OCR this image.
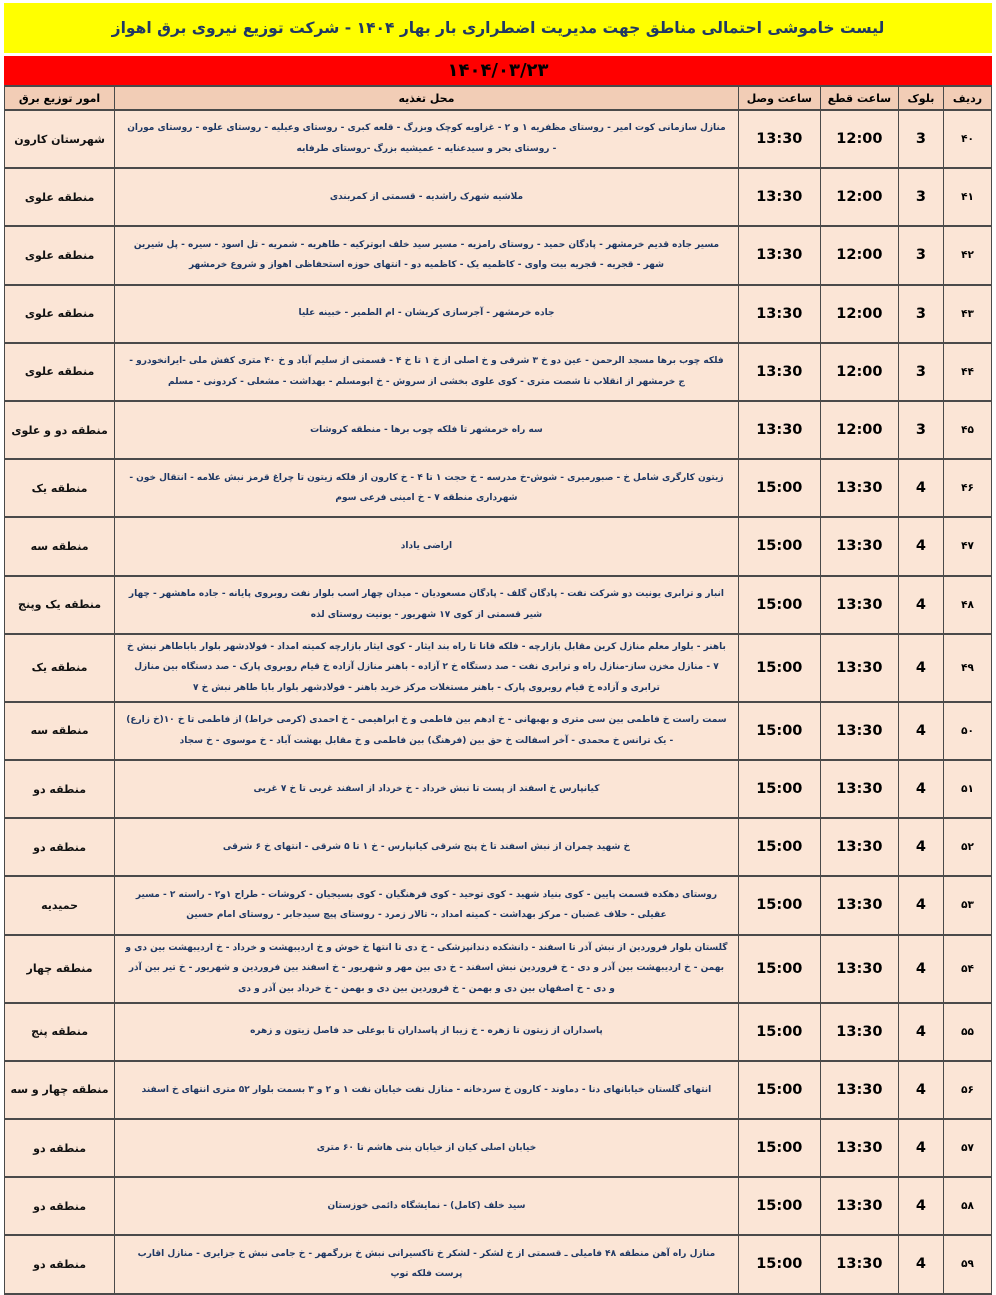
لیست خاموشی احتمالی مناطق جهت مدیریت اضطراری بار بهار ۱۴۰۴ - شرکت توزیع نیروی برق اهواز
۱۴۰۴/۰۳/۲۳
ردیف	بلوک	ساعت قطع	ساعت وصل	محل تغذیه	امور توزیع برق
۴۰	3	12:00	13:30	منازل سازمانی کوت امیر - روستای مظفریه ۱ و ۲ - غزاویه کوچک وبزرگ - قلعه کبری - روستای وعیلیه - روستای علوه - روستای موران - روستای بحر و سیدعنایه - عمیشیه بزرگ -روستای طرفایه	شهرستان کارون
۴۱	3	12:00	13:30	ملاشیه شهرک راشدیه - قسمتی از کمربندی	منطقه علوی
۴۲	3	12:00	13:30	مسیر جاده قدیم خرمشهر - پادگان حمید - روستای رامزیه - مسیر سید خلف ابوترکیه - طاهریه - شمریه - تل اسود - سیره - پل شیرین شهر - قجریه - قجریه بیت واوی - کاظمیه یک - کاظمیه دو - انتهای حوزه استحفاظی اهواز و شروع خرمشهر	منطقه علوی
۴۳	3	12:00	13:30	جاده خرمشهر - آجرسازی کریشان - ام الطمیر - خبینه علیا	منطقه علوی
۴۴	3	12:00	13:30	فلکه چوب برها مسجد الرحمن - عین دو خ ۳ شرقی و خ اصلی از خ ۱ تا خ ۴ - قسمتی از سلیم آباد و خ ۴۰ متری کفش ملی -ایرانخودرو - ج خرمشهر از انقلاب تا شصت متری - کوی علوی بخشی از سروش - خ ابومسلم - بهداشت - مشعلی - کردونی - مسلم	منطقه علوی
۴۵	3	12:00	13:30	سه راه خرمشهر تا فلکه چوب برها - منطقه کروشات	منطقه دو و علوی
۴۶	4	13:30	15:00	زیتون کارگری شامل خ - صبورمیری - شوش-خ مدرسه - خ حجت ۱ تا ۴ - خ کارون از فلکه زیتون تا چراغ قرمز نبش علامه - انتقال خون - شهرداری منطقه ۷ - خ امینی فرعی سوم	منطقه یک
۴۷	4	13:30	15:00	اراضی یاداد	منطقه سه
۴۸	4	13:30	15:00	انبار و ترابری یونیت دو شرکت نفت - پادگان گلف - پادگان مسعودیان - میدان چهار اسب بلوار نفت روبروی پایانه - جاده ماهشهر - چهار شیر قسمتی از کوی ۱۷ شهریور - یونیت روستای لذه	منطقه یک وپنج
۴۹	4	13:30	15:00	باهنر - بلوار معلم منازل کرین مقابل بازارچه - فلکه قانا تا راه بند ایثار - کوی ایثار بازارچه کمیته امداد - فولادشهر بلوار باباطاهر نبش خ ۷ - منازل مخزن ساز-منازل راه و ترابری نفت - صد دستگاه خ ۲ آزاده - باهنر منازل آزاده خ قیام روبروی پارک - صد دستگاه بین منازل ترابری و آزاده خ قیام روبروی پارک - باهنر مستغلات مرکز خرید باهنر - فولادشهر بلوار بابا طاهر نبش خ ۷	منطقه یک
۵۰	4	13:30	15:00	سمت راست خ فاطمی بین سی متری و بهبهانی - خ ادهم بین فاطمی و خ ابراهیمی - خ احمدی (کرمی خراط) از فاطمی تا خ ۱۰(خ زارع) - یک ترانس خ محمدی - آخر اسفالت خ حق بین (فرهنگ) بین فاطمی و خ مقابل بهشت آباد - خ موسوی - خ سجاد	منطقه سه
۵۱	4	13:30	15:00	کیانپارس خ اسفند از پست تا نبش خرداد - خ خرداد از اسفند غربی تا خ ۷ غربی	منطقه دو
۵۲	4	13:30	15:00	خ شهید چمران از نبش اسفند تا خ پنج شرقی کیانپارس - خ ۱ تا ۵ شرقی - انتهای خ ۶ شرقی	منطقه دو
۵۳	4	13:30	15:00	روستای دهکده قسمت پایین - کوی بنیاد شهید - کوی توحید - کوی فرهنگیان - کوی بسیجیان - کروشات - طراح ۱و۲ - راسته ۲ - مسیر عقیلی - حلاف غضبان - مرکز بهداشت - کمیته امداد ،- تالار زمرد - روستای پیچ سیدجابر - روستای امام حسین	حمیدیه
۵۴	4	13:30	15:00	گلستان بلوار فروردین از نبش آذر تا اسفند - دانشکده دندانپزشکی - خ دی تا انتها خ خوش و خ اردیبهشت و خرداد - خ اردیبهشت بین دی و بهمن - خ اردیبهشت بین آذر و دی - خ فروردین نبش اسفند - خ دی بین مهر و شهریور - خ اسفند بین فروردین و شهریور - خ تیر بین آذر و دی - خ اصفهان بین دی و بهمن - خ فروردین بین دی و بهمن - خ خرداد بین آذر و دی	منطقه چهار
۵۵	4	13:30	15:00	پاسداران از زیتون تا زهره - خ زیبا از پاسداران تا بوعلی حد فاصل زیتون و زهره	منطقه پنج
۵۶	4	13:30	15:00	انتهای گلستان خیابانهای دنا - دماوند - کارون خ سردخانه - منازل نفت خیابان نفت ۱ و ۲ و ۳ بسمت بلوار ۵۲ متری انتهای خ اسفند	منطقه چهار و سه
۵۷	4	13:30	15:00	خیابان اصلی کیان از خیابان بنی هاشم تا ۶۰ متری	منطقه دو
۵۸	4	13:30	15:00	سید خلف (کامل) - نمایشگاه دائمی خوزستان	منطقه دو
۵۹	4	13:30	15:00	منازل راه آهن منطقه ۴۸ فامیلی ـ قسمتی از خ لشکر - لشکر خ تاکسیرانی نبش خ بزرگمهر - خ جامی نبش خ جزایری - منازل اقارب پرست فلکه توپ	منطقه دو
